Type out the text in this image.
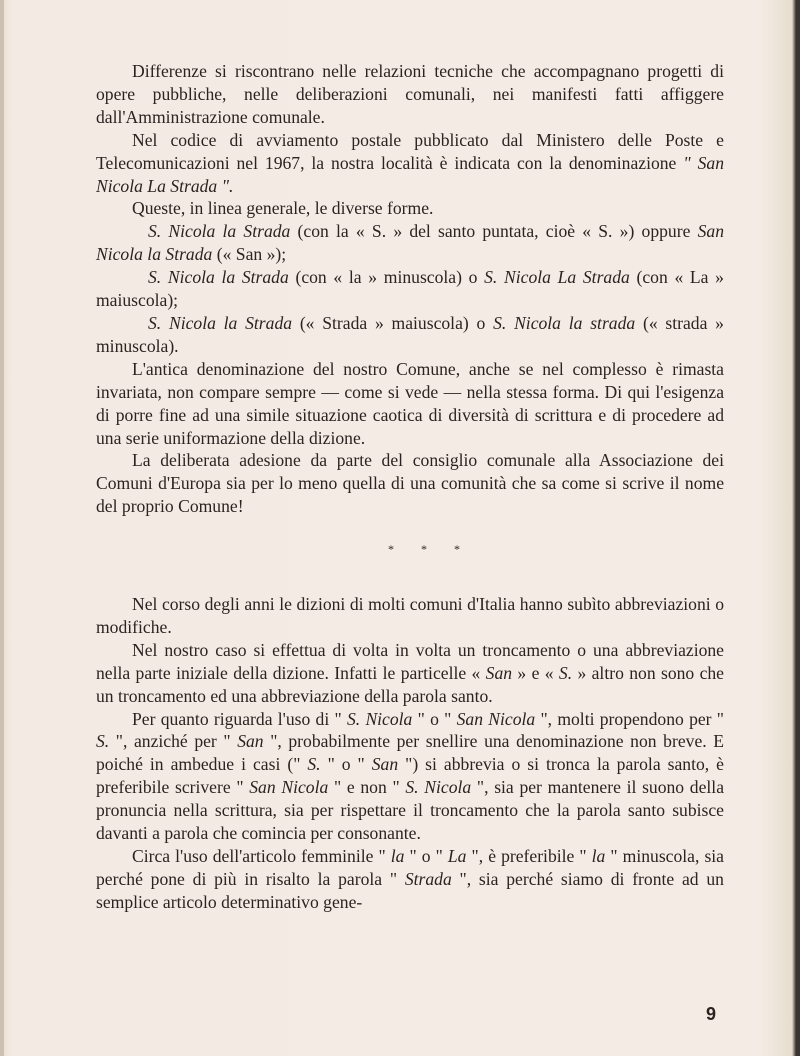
Differenze si riscontrano nelle relazioni tecniche che accompagnano progetti di opere pubbliche, nelle deliberazioni comunali, nei manifesti fatti affiggere dall'Amministrazione comunale.

Nel codice di avviamento postale pubblicato dal Ministero delle Poste e Telecomunicazioni nel 1967, la nostra località è indicata con la denominazione " San Nicola La Strada ".

Queste, in linea generale, le diverse forme.

S. Nicola la Strada (con la « S. » del santo puntata, cioè « S. ») oppure San Nicola la Strada (« San »);

S. Nicola la Strada (con « la » minuscola) o S. Nicola La Strada (con « La » maiuscola);

S. Nicola la Strada (« Strada » maiuscola) o S. Nicola la strada (« strada » minuscola).

L'antica denominazione del nostro Comune, anche se nel complesso è rimasta invariata, non compare sempre — come si vede — nella stessa forma. Di qui l'esigenza di porre fine ad una simile situazione caotica di diversità di scrittura e di procedere ad una serie uniformazione della dizione.

La deliberata adesione da parte del consiglio comunale alla Associazione dei Comuni d'Europa sia per lo meno quella di una comunità che sa come si scrive il nome del proprio Comune!

* * *

Nel corso degli anni le dizioni di molti comuni d'Italia hanno subìto abbreviazioni o modifiche.

Nel nostro caso si effettua di volta in volta un troncamento o una abbreviazione nella parte iniziale della dizione. Infatti le particelle « San » e « S. » altro non sono che un troncamento ed una abbreviazione della parola santo.

Per quanto riguarda l'uso di " S. Nicola " o " San Nicola ", molti propendono per " S. ", anziché per " San ", probabilmente per snellire una denominazione non breve. E poiché in ambedue i casi (" S. " o " San ") si abbrevia o si tronca la parola santo, è preferibile scrivere " San Nicola " e non " S. Nicola ", sia per mantenere il suono della pronuncia nella scrittura, sia per rispettare il troncamento che la parola santo subisce davanti a parola che comincia per consonante.

Circa l'uso dell'articolo femminile " la " o " La ", è preferibile " la " minuscola, sia perché pone di più in risalto la parola " Strada ", sia perché siamo di fronte ad un semplice articolo determinativo gene-

9
